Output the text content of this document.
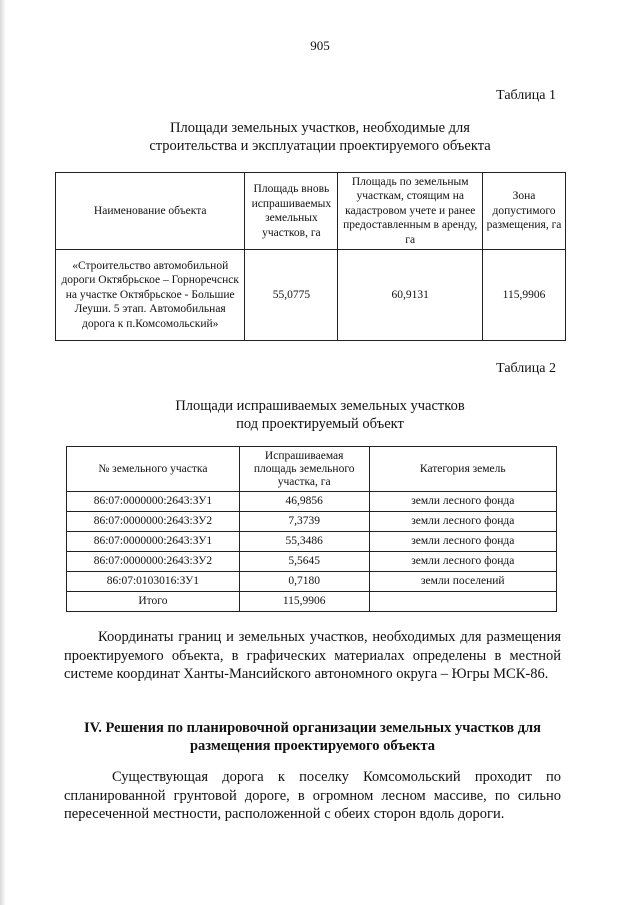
905
Таблица 1
Площади земельных участков, необходимые для
строительства и эксплуатации проектируемого объекта
Наименование объекта	Площадь вновь испрашиваемых земельных участков, га	Площадь по земельным участкам, стоящим на кадастровом учете и ранее предоставленным в аренду, га	Зона допустимого размещения, га
«Строительство автомобильной дороги Октябрьское – Горноречснск на участке Октябрьское - Большие Леуши. 5 этап. Автомобильная дорога к п.Комсомольский»	55,0775	60,9131	115,9906
Таблица 2
Площади испрашиваемых земельных участков
под проектируемый объект
№ земельного участка	Испрашиваемая площадь земельного участка, га	Категория земель
86:07:0000000:2643:ЗУ1	46,9856	земли лесного фонда
86:07:0000000:2643:ЗУ2	7,3739	земли лесного фонда
86:07:0000000:2643:ЗУ1	55,3486	земли лесного фонда
86:07:0000000:2643:ЗУ2	5,5645	земли лесного фонда
86:07:0103016:ЗУ1	0,7180	земли поселений
Итого	115,9906	

Координаты границ и земельных участков, необходимых для размещения проектируемого объекта, в графических материалах определены в местной системе координат Ханты-Мансийского автономного округа – Югры МСК-86.

IV. Решения по планировочной организации земельных участков для
размещения проектируемого объекта

Существующая дорога к поселку Комсомольский проходит по спланированной грунтовой дороге, в огромном лесном массиве, по сильно пересеченной местности, расположенной с обеих сторон вдоль дороги.
